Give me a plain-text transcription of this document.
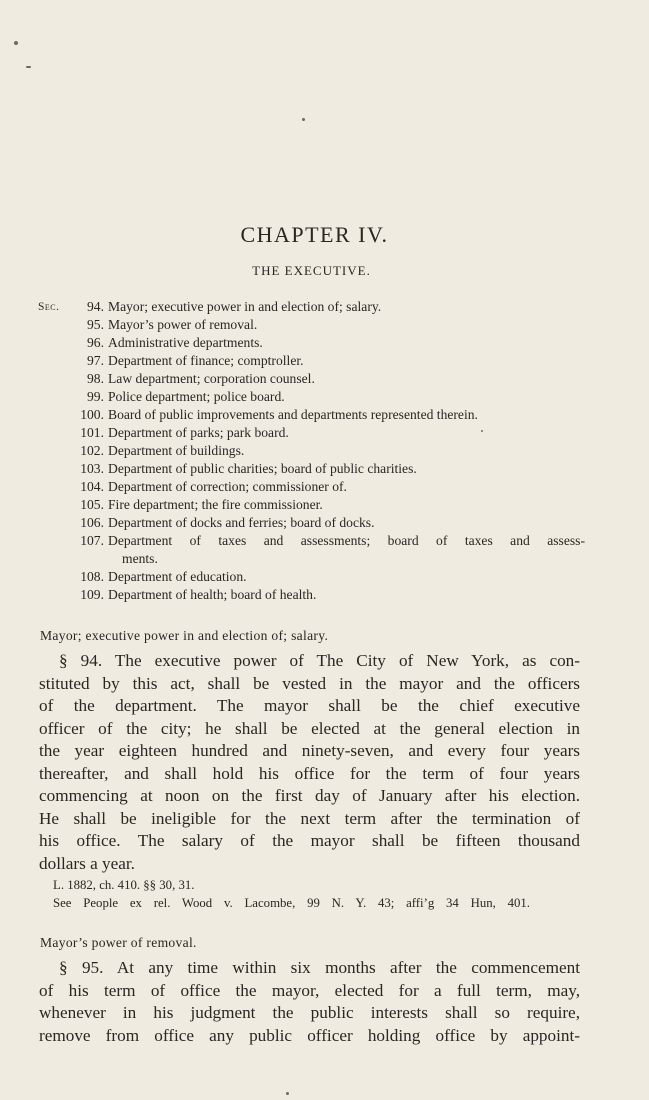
CHAPTER IV.
THE EXECUTIVE.
Sec.	94. Mayor; executive power in and election of; salary.
95. Mayor’s power of removal.
96. Administrative departments.
97. Department of finance; comptroller.
98. Law department; corporation counsel.
99. Police department; police board.
100. Board of public improvements and departments represented therein.
101. Department of parks; park board.
102. Department of buildings.
103. Department of public charities; board of public charities.
104. Department of correction; commissioner of.
105. Fire department; the fire commissioner.
106. Department of docks and ferries; board of docks.
107. Department of taxes and assessments; board of taxes and assess-
ments.
108. Department of education.
109. Department of health; board of health.
Mayor; executive power in and election of; salary.
§ 94. The executive power of The City of New York, as con-
stituted by this act, shall be vested in the mayor and the officers
of the department. The mayor shall be the chief executive
officer of the city; he shall be elected at the general election in
the year eighteen hundred and ninety-seven, and every four years
thereafter, and shall hold his office for the term of four years
commencing at noon on the first day of January after his election.
He shall be ineligible for the next term after the termination of
his office. The salary of the mayor shall be fifteen thousand
dollars a year.
L. 1882, ch. 410. §§ 30, 31.
See People ex rel. Wood v. Lacombe, 99 N. Y. 43; affi’g 34 Hun, 401.
Mayor’s power of removal.
§ 95. At any time within six months after the commencement
of his term of office the mayor, elected for a full term, may,
whenever in his judgment the public interests shall so require,
remove from office any public officer holding office by appoint-
